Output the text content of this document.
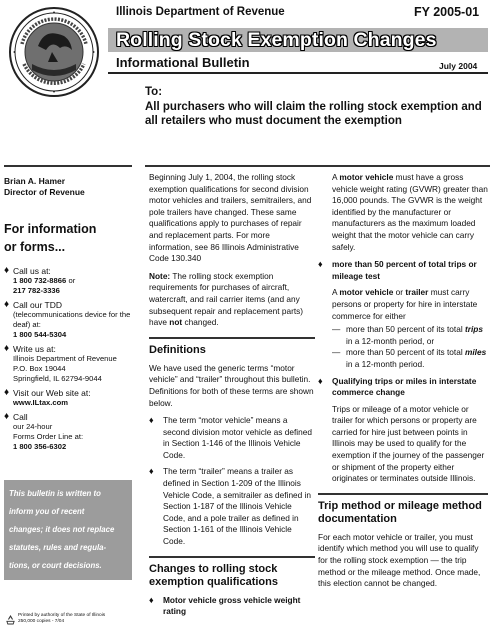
Illinois Department of Revenue	FY 2005-01
Rolling Stock Exemption Changes
Informational Bulletin	July 2004
To:
All purchasers who will claim the rolling stock exemption and all retailers who must document the exemption
Brian A. Hamer
Director of Revenue
For information
or forms...
♦ Call us at:
1 800 732-8866 or
217 782-3336
♦ Call our TDD
(telecommunications device for the deaf) at:
1 800 544-5304
♦ Write us at:
Illinois Department of Revenue
P.O. Box 19044
Springfield, IL 62794-9044
♦ Visit our Web site at:
www.ILtax.com
♦ Call
our 24-hour
Forms Order Line at:
1 800 356-6302
This bulletin is written to
inform you of recent
changes; it does not replace
statutes, rules and regula-
tions, or court decisions.
Printed by authority of the State of Illinois
250,000 copies - 7/04

Beginning July 1, 2004, the rolling stock exemption qualifications for second division motor vehicles and trailers, semitrailers, and pole trailers have changed. These same qualifications apply to purchases of repair and replacement parts. For more information, see 86 Illinois Administrative Code 130.340

Note: The rolling stock exemption requirements for purchases of aircraft, watercraft, and rail carrier items (and any subsequent repair and replacement parts) have not changed.

Definitions

We have used the generic terms “motor vehicle” and “trailer” throughout this bulletin. Definitions for both of these terms are shown below.

♦	The term “motor vehicle” means a second division motor vehicle as defined in Section 1-146 of the Illinois Vehicle Code.
♦	The term “trailer” means a trailer as defined in Section 1-209 of the Illinois Vehicle Code, a semitrailer as defined in Section 1-187 of the Illinois Vehicle Code, and a pole trailer as defined in Section 1-161 of the Illinois Vehicle Code.
Changes to rolling stock exemption qualifications
♦	Motor vehicle gross vehicle weight rating

A motor vehicle must have a gross vehicle weight rating (GVWR) greater than 16,000 pounds. The GVWR is the weight identified by the manufacturer or manufacturers as the maximum loaded weight that the motor vehicle can carry safely.

♦	more than 50 percent of total trips or mileage test

A motor vehicle or trailer must carry persons or property for hire in interstate commerce for either

— more than 50 percent of its total trips in a 12-month period, or
— more than 50 percent of its total miles in a 12-month period.
♦	Qualifying trips or miles in interstate commerce change

Trips or mileage of a motor vehicle or trailer for which persons or property are carried for hire just between points in Illinois may be used to qualify for the exemption if the journey of the passenger or shipment of the property either originates or terminates outside Illinois.

Trip method or mileage method documentation

For each motor vehicle or trailer, you must identify which method you will use to qualify for the rolling stock exemption — the trip method or the mileage method. Once made, this election cannot be changed.
